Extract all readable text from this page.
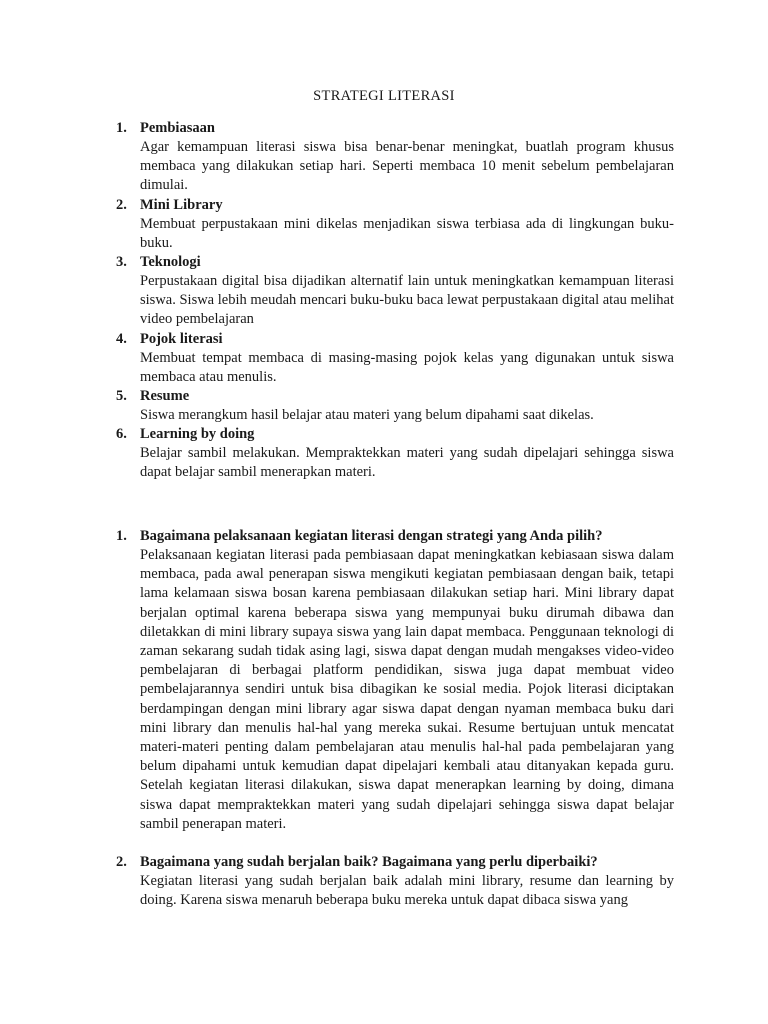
STRATEGI LITERASI
1. Pembiasaan

Agar kemampuan literasi siswa bisa benar-benar meningkat, buatlah program khusus membaca yang dilakukan setiap hari. Seperti membaca 10 menit sebelum pembelajaran dimulai.

2. Mini Library

Membuat perpustakaan mini dikelas menjadikan siswa terbiasa ada di lingkungan buku-buku.

3. Teknologi

Perpustakaan digital bisa dijadikan alternatif lain untuk meningkatkan kemampuan literasi siswa. Siswa lebih meudah mencari buku-buku baca lewat perpustakaan digital atau melihat video pembelajaran

4. Pojok literasi

Membuat tempat membaca di masing-masing pojok kelas yang digunakan untuk siswa membaca atau menulis.

5. Resume

Siswa merangkum hasil belajar atau materi yang belum dipahami saat dikelas.

6. Learning by doing

Belajar sambil melakukan. Mempraktekkan materi yang sudah dipelajari sehingga siswa dapat belajar sambil menerapkan materi.

1. Bagaimana pelaksanaan kegiatan literasi dengan strategi yang Anda pilih?

Pelaksanaan kegiatan literasi pada pembiasaan dapat meningkatkan kebiasaan siswa dalam membaca, pada awal penerapan siswa mengikuti kegiatan pembiasaan dengan baik, tetapi lama kelamaan siswa bosan karena pembiasaan dilakukan setiap hari. Mini library dapat berjalan optimal karena beberapa siswa yang mempunyai buku dirumah dibawa dan diletakkan di mini library supaya siswa yang lain dapat membaca. Penggunaan teknologi di zaman sekarang sudah tidak asing lagi, siswa dapat dengan mudah mengakses video-video pembelajaran di berbagai platform pendidikan, siswa juga dapat membuat video pembelajarannya sendiri untuk bisa dibagikan ke sosial media. Pojok literasi diciptakan berdampingan dengan mini library agar siswa dapat dengan nyaman membaca buku dari mini library dan menulis hal-hal yang mereka sukai. Resume bertujuan untuk mencatat materi-materi penting dalam pembelajaran atau menulis hal-hal pada pembelajaran yang belum dipahami untuk kemudian dapat dipelajari kembali atau ditanyakan kepada guru. Setelah kegiatan literasi dilakukan, siswa dapat menerapkan learning by doing, dimana siswa dapat mempraktekkan materi yang sudah dipelajari sehingga siswa dapat belajar sambil penerapan materi.

2. Bagaimana yang sudah berjalan baik? Bagaimana yang perlu diperbaiki?

Kegiatan literasi yang sudah berjalan baik adalah mini library, resume dan learning by doing. Karena siswa menaruh beberapa buku mereka untuk dapat dibaca siswa yang
